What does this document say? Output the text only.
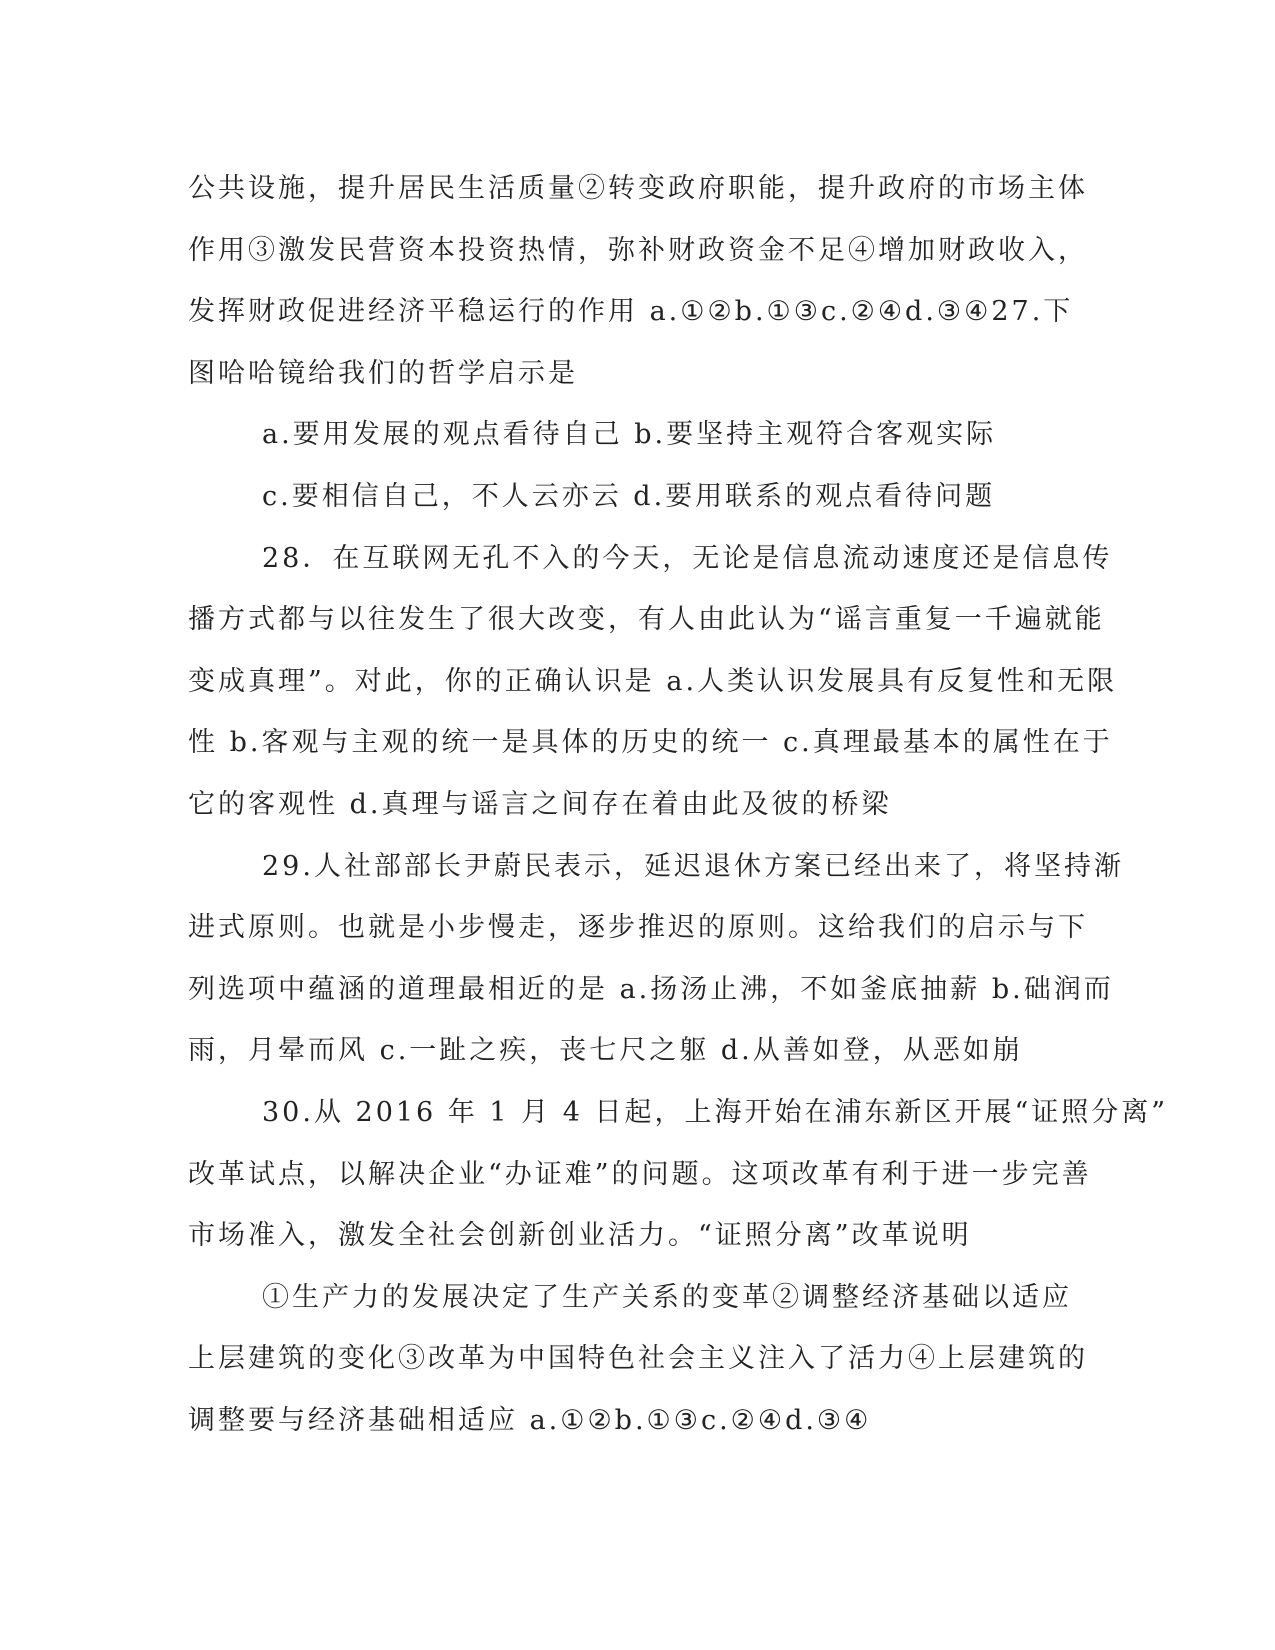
公共设施，提升居民生活质量②转变政府职能，提升政府的市场主体
作用③激发民营资本投资热情，弥补财政资金不足④增加财政收入，
发挥财政促进经济平稳运行的作用 a.①②b.①③c.②④d.③④27.下
图哈哈镜给我们的哲学启示是
a.要用发展的观点看待自己 b.要坚持主观符合客观实际
c.要相信自己，不人云亦云 d.要用联系的观点看待问题
28．在互联网无孔不入的今天，无论是信息流动速度还是信息传
播方式都与以往发生了很大改变，有人由此认为“谣言重复一千遍就能
变成真理”。对此，你的正确认识是 a.人类认识发展具有反复性和无限
性 b.客观与主观的统一是具体的历史的统一 c.真理最基本的属性在于
它的客观性 d.真理与谣言之间存在着由此及彼的桥梁
29.人社部部长尹蔚民表示，延迟退休方案已经出来了，将坚持渐
进式原则。也就是小步慢走，逐步推迟的原则。这给我们的启示与下
列选项中蕴涵的道理最相近的是 a.扬汤止沸，不如釜底抽薪 b.础润而
雨，月晕而风 c.一趾之疾，丧七尺之躯 d.从善如登，从恶如崩
30.从 2016 年 1 月 4 日起，上海开始在浦东新区开展“证照分离”
改革试点，以解决企业“办证难”的问题。这项改革有利于进一步完善
市场准入，激发全社会创新创业活力。“证照分离”改革说明
①生产力的发展决定了生产关系的变革②调整经济基础以适应
上层建筑的变化③改革为中国特色社会主义注入了活力④上层建筑的
调整要与经济基础相适应 a.①②b.①③c.②④d.③④
